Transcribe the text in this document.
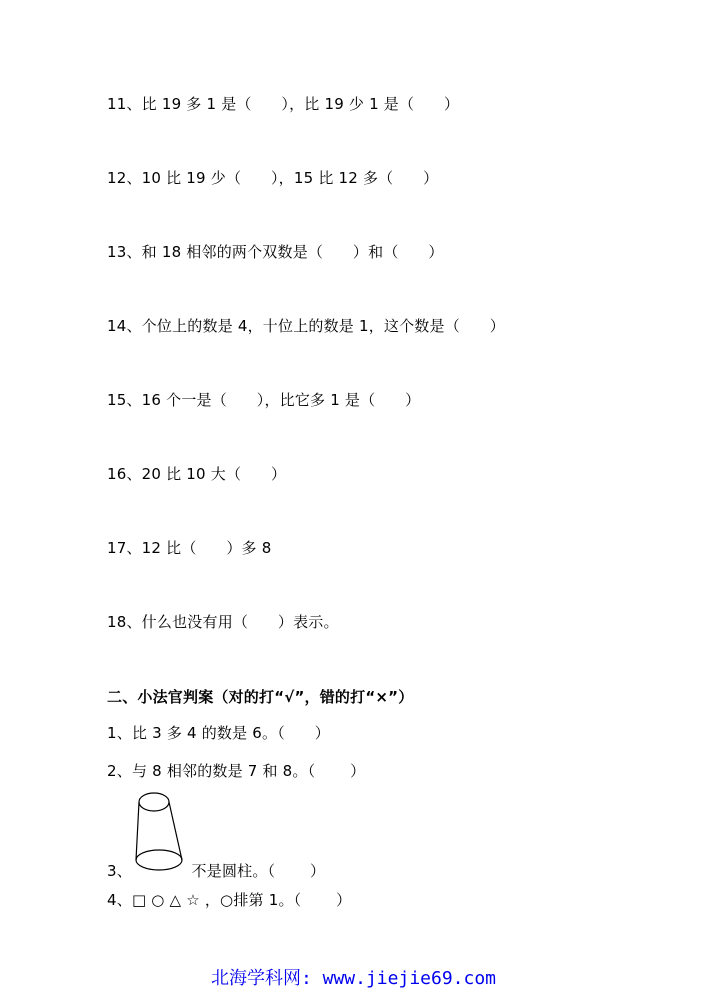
11、比 19 多 1 是（      ），比 19 少 1 是（      ）
12、10 比 19 少（      ），15 比 12 多（      ）
13、和 18 相邻的两个双数是（      ）和（      ）
14、个位上的数是 4，十位上的数是 1，这个数是（      ）
15、16 个一是（      ），比它多 1 是（      ）
16、20 比 10 大（      ）
17、12 比（      ）多 8
18、什么也没有用（      ）表示。
二、小法官判案（对的打“√”，错的打“×”）
1、比 3 多 4 的数是 6。（      ）
2、与 8 相邻的数是 7 和 8。（       ）
3、            不是圆柱。（       ）
4、□ ○ △ ☆ ，○排第 1。（       ）
北海学科网: www.jiejie69.com
